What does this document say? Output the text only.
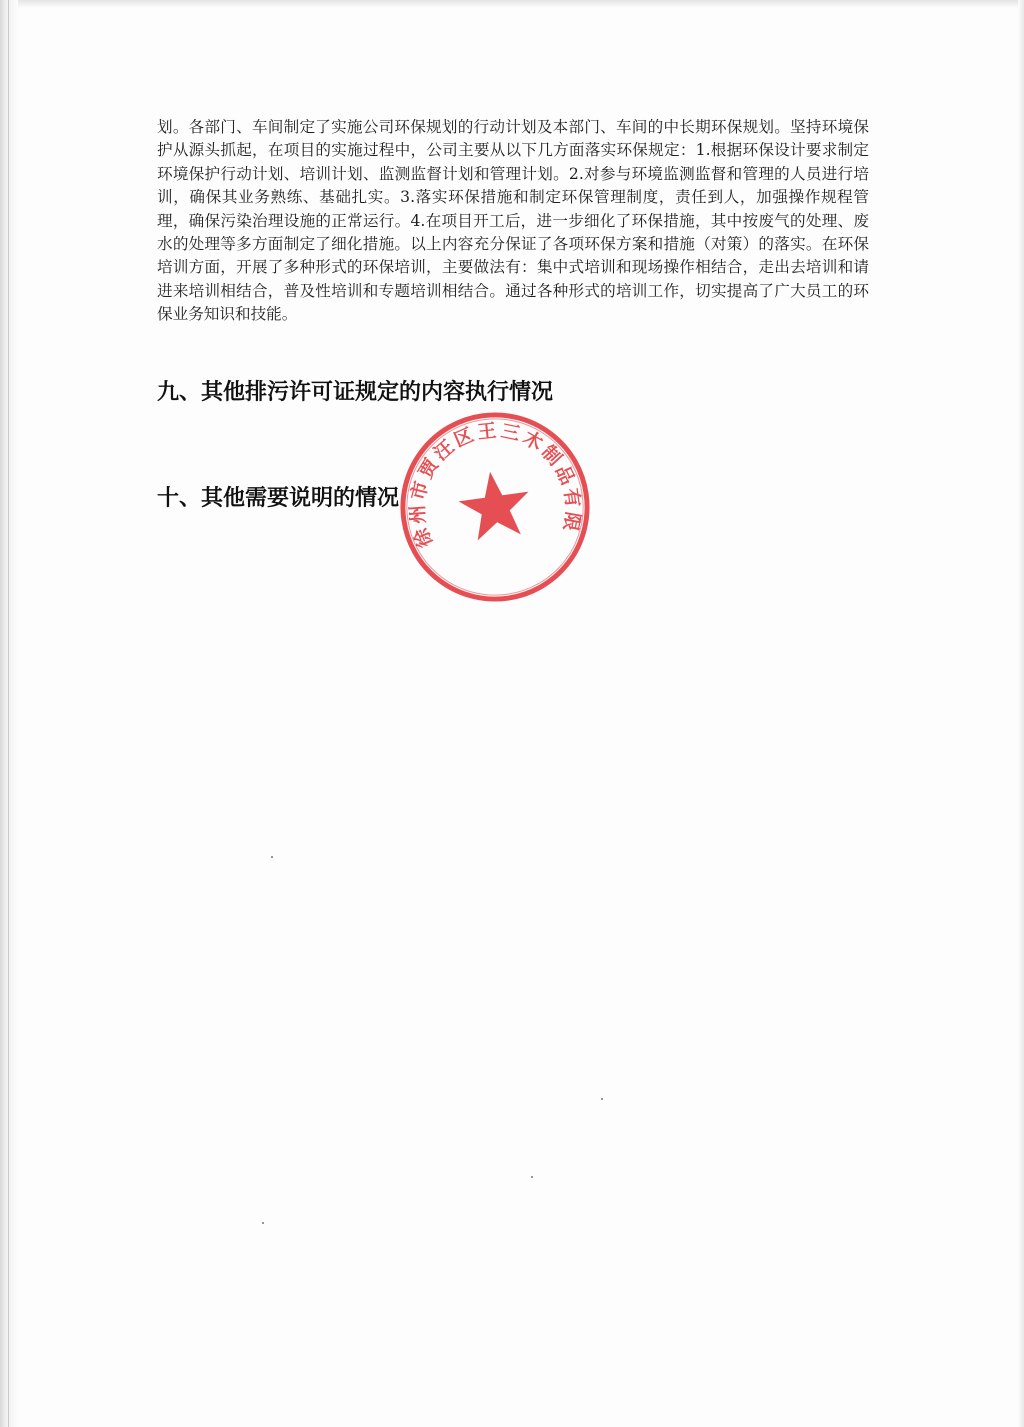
划。各部门、车间制定了实施公司环保规划的行动计划及本部门、车间的中长期环保规划。坚持环境保护从源头抓起，在项目的实施过程中，公司主要从以下几方面落实环保规定：1.根据环保设计要求制定环境保护行动计划、培训计划、监测监督计划和管理计划。2.对参与环境监测监督和管理的人员进行培训，确保其业务熟练、基础扎实。3.落实环保措施和制定环保管理制度，责任到人，加强操作规程管理，确保污染治理设施的正常运行。4.在项目开工后，进一步细化了环保措施，其中按废气的处理、废水的处理等多方面制定了细化措施。以上内容充分保证了各项环保方案和措施（对策）的落实。在环保培训方面，开展了多种形式的环保培训，主要做法有：集中式培训和现场操作相结合，走出去培训和请进来培训相结合，普及性培训和专题培训相结合。通过各种形式的培训工作，切实提高了广大员工的环保业务知识和技能。

九、其他排污许可证规定的内容执行情况
十、其他需要说明的情况
徐州市贾汪区王三木制品有限公司
